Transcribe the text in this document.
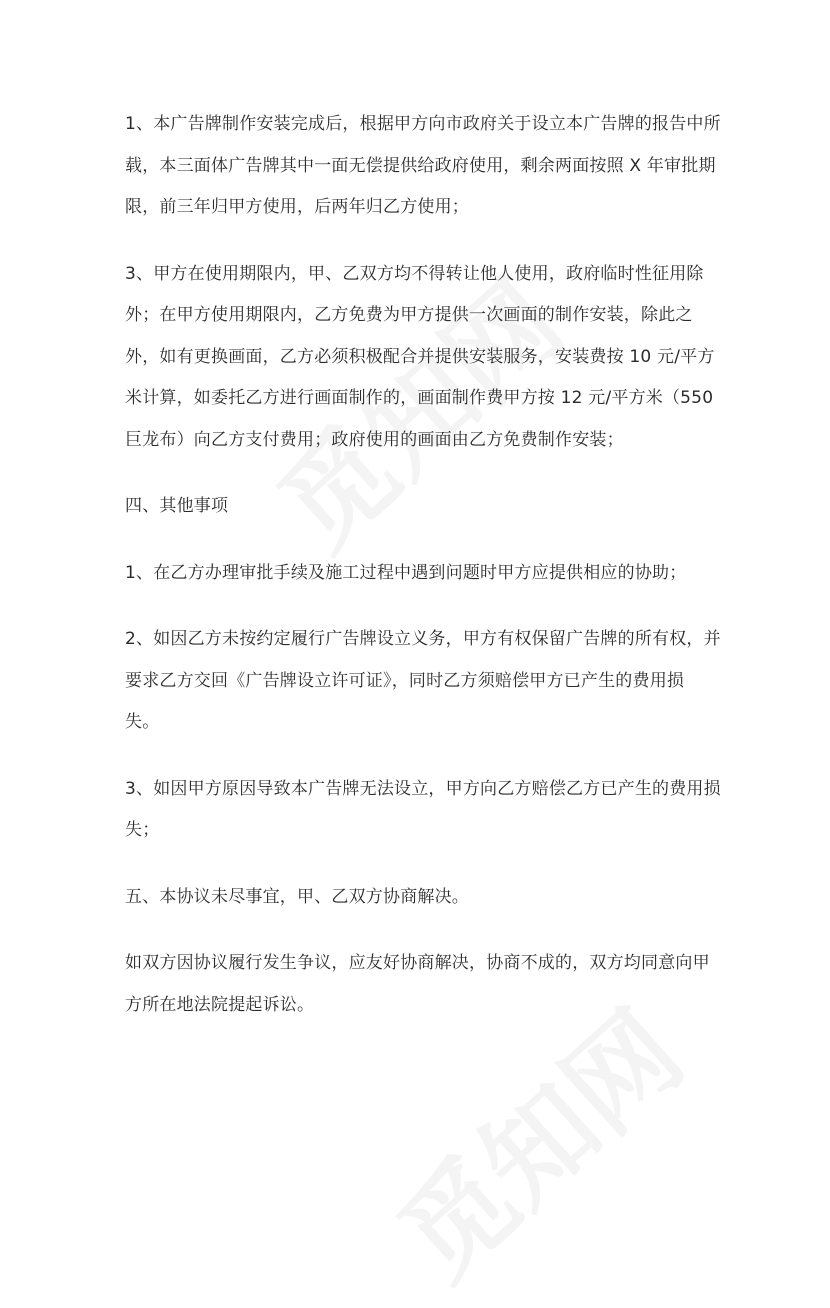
1、本广告牌制作安装完成后，根据甲方向市政府关于设立本广告牌的报告中所
载，本三面体广告牌其中一面无偿提供给政府使用，剩余两面按照 X 年审批期
限，前三年归甲方使用，后两年归乙方使用；

3、甲方在使用期限内，甲、乙双方均不得转让他人使用，政府临时性征用除
外；在甲方使用期限内，乙方免费为甲方提供一次画面的制作安装，除此之
外，如有更换画面，乙方必须积极配合并提供安装服务，安装费按 10 元/平方
米计算，如委托乙方进行画面制作的，画面制作费甲方按 12 元/平方米（550
巨龙布）向乙方支付费用；政府使用的画面由乙方免费制作安装；

四、其他事项

1、在乙方办理审批手续及施工过程中遇到问题时甲方应提供相应的协助；

2、如因乙方未按约定履行广告牌设立义务，甲方有权保留广告牌的所有权，并
要求乙方交回《广告牌设立许可证》，同时乙方须赔偿甲方已产生的费用损
失。

3、如因甲方原因导致本广告牌无法设立，甲方向乙方赔偿乙方已产生的费用损
失；

五、本协议未尽事宜，甲、乙双方协商解决。

如双方因协议履行发生争议，应友好协商解决，协商不成的，双方均同意向甲
方所在地法院提起诉讼。
